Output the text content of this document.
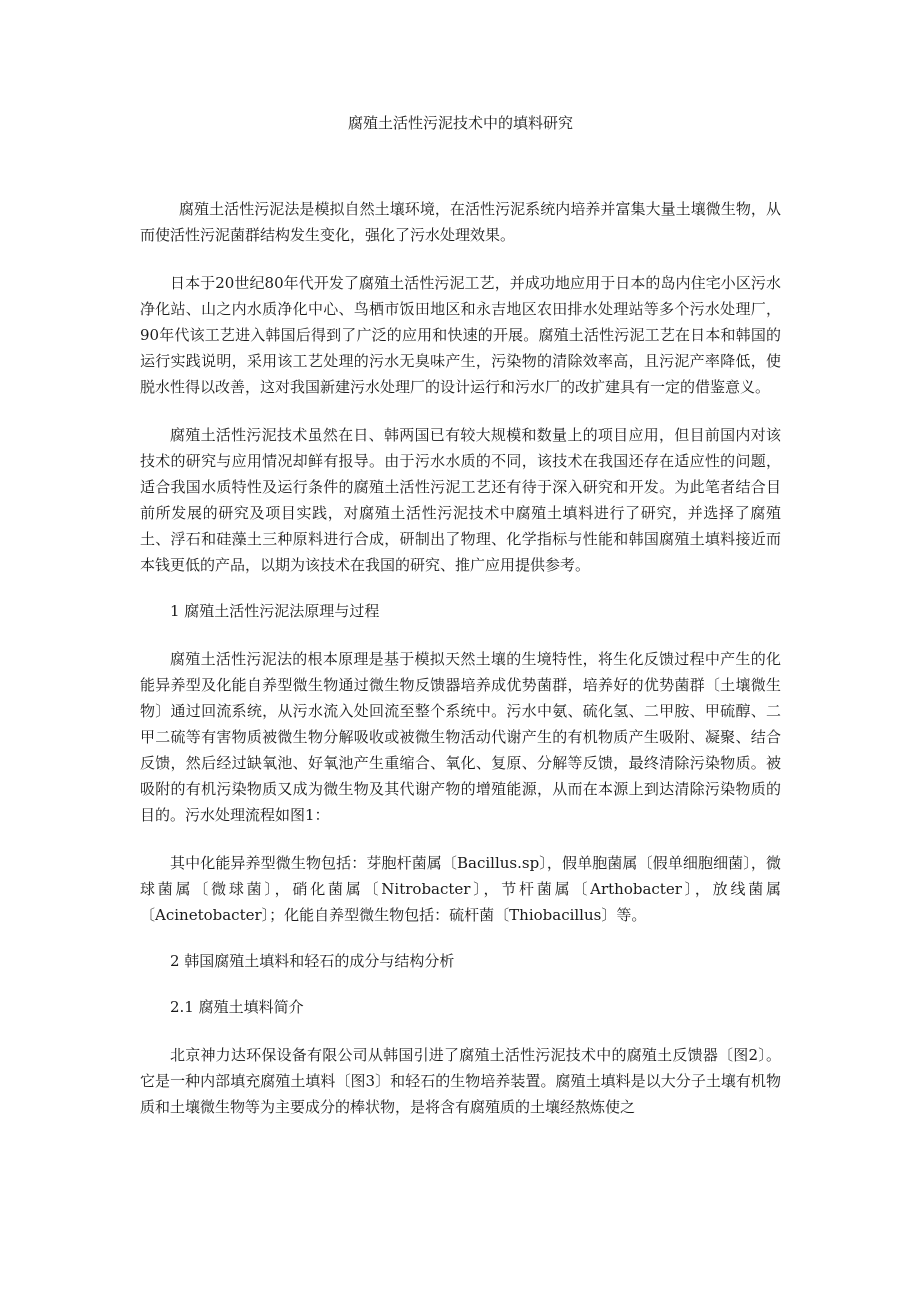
腐殖土活性污泥技术中的填料研究

腐殖土活性污泥法是模拟自然土壤环境，在活性污泥系统内培养并富集大量土壤微生物，从而使活性污泥菌群结构发生变化，强化了污水处理效果。

日本于20世纪80年代开发了腐殖土活性污泥工艺，并成功地应用于日本的岛内住宅小区污水净化站、山之内水质净化中心、鸟栖市饭田地区和永吉地区农田排水处理站等多个污水处理厂，90年代该工艺进入韩国后得到了广泛的应用和快速的开展。腐殖土活性污泥工艺在日本和韩国的运行实践说明，采用该工艺处理的污水无臭味产生，污染物的清除效率高，且污泥产率降低，使脱水性得以改善，这对我国新建污水处理厂的设计运行和污水厂的改扩建具有一定的借鉴意义。

腐殖土活性污泥技术虽然在日、韩两国已有较大规模和数量上的项目应用，但目前国内对该技术的研究与应用情况却鲜有报导。由于污水水质的不同，该技术在我国还存在适应性的问题，适合我国水质特性及运行条件的腐殖土活性污泥工艺还有待于深入研究和开发。为此笔者结合目前所发展的研究及项目实践，对腐殖土活性污泥技术中腐殖土填料进行了研究，并选择了腐殖土、浮石和硅藻土三种原料进行合成，研制出了物理、化学指标与性能和韩国腐殖土填料接近而本钱更低的产品，以期为该技术在我国的研究、推广应用提供参考。

1 腐殖土活性污泥法原理与过程

腐殖土活性污泥法的根本原理是基于模拟天然土壤的生境特性，将生化反馈过程中产生的化能异养型及化能自养型微生物通过微生物反馈器培养成优势菌群，培养好的优势菌群〔土壤微生物〕通过回流系统，从污水流入处回流至整个系统中。污水中氨、硫化氢、二甲胺、甲硫醇、二甲二硫等有害物质被微生物分解吸收或被微生物活动代谢产生的有机物质产生吸附、凝聚、结合反馈，然后经过缺氧池、好氧池产生重缩合、氧化、复原、分解等反馈，最终清除污染物质。被吸附的有机污染物质又成为微生物及其代谢产物的增殖能源，从而在本源上到达清除污染物质的目的。污水处理流程如图1：

其中化能异养型微生物包括：芽胞杆菌属〔Bacillus.sp〕，假单胞菌属〔假单细胞细菌〕，微球菌属〔微球菌〕，硝化菌属〔Nitrobacter〕，节杆菌属〔Arthobacter〕，放线菌属〔Acinetobacter〕；化能自养型微生物包括：硫杆菌〔Thiobacillus〕等。

2 韩国腐殖土填料和轻石的成分与结构分析
2.1 腐殖土填料简介

北京神力达环保设备有限公司从韩国引进了腐殖土活性污泥技术中的腐殖土反馈器〔图2〕。它是一种内部填充腐殖土填料〔图3〕和轻石的生物培养装置。腐殖土填料是以大分子土壤有机物质和土壤微生物等为主要成分的棒状物，是将含有腐殖质的土壤经熬炼使之
